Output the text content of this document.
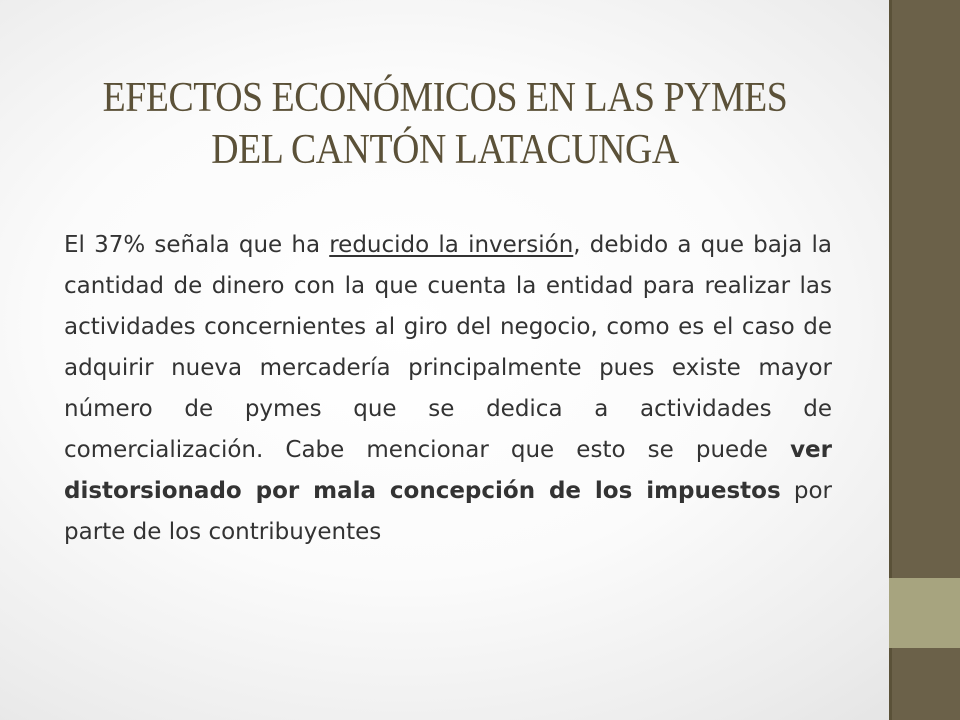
EFECTOS ECONÓMICOS EN LAS PYMES
DEL CANTÓN LATACUNGA

El 37% señala que ha reducido la inversión, debido a que baja la cantidad de dinero con la que cuenta la entidad para realizar las actividades concernientes al giro del negocio, como es el caso de adquirir nueva mercadería principalmente pues existe mayor número de pymes que se dedica a actividades de comercialización. Cabe mencionar que esto se puede ver distorsionado por mala concepción de los impuestos por parte de los contribuyentes
